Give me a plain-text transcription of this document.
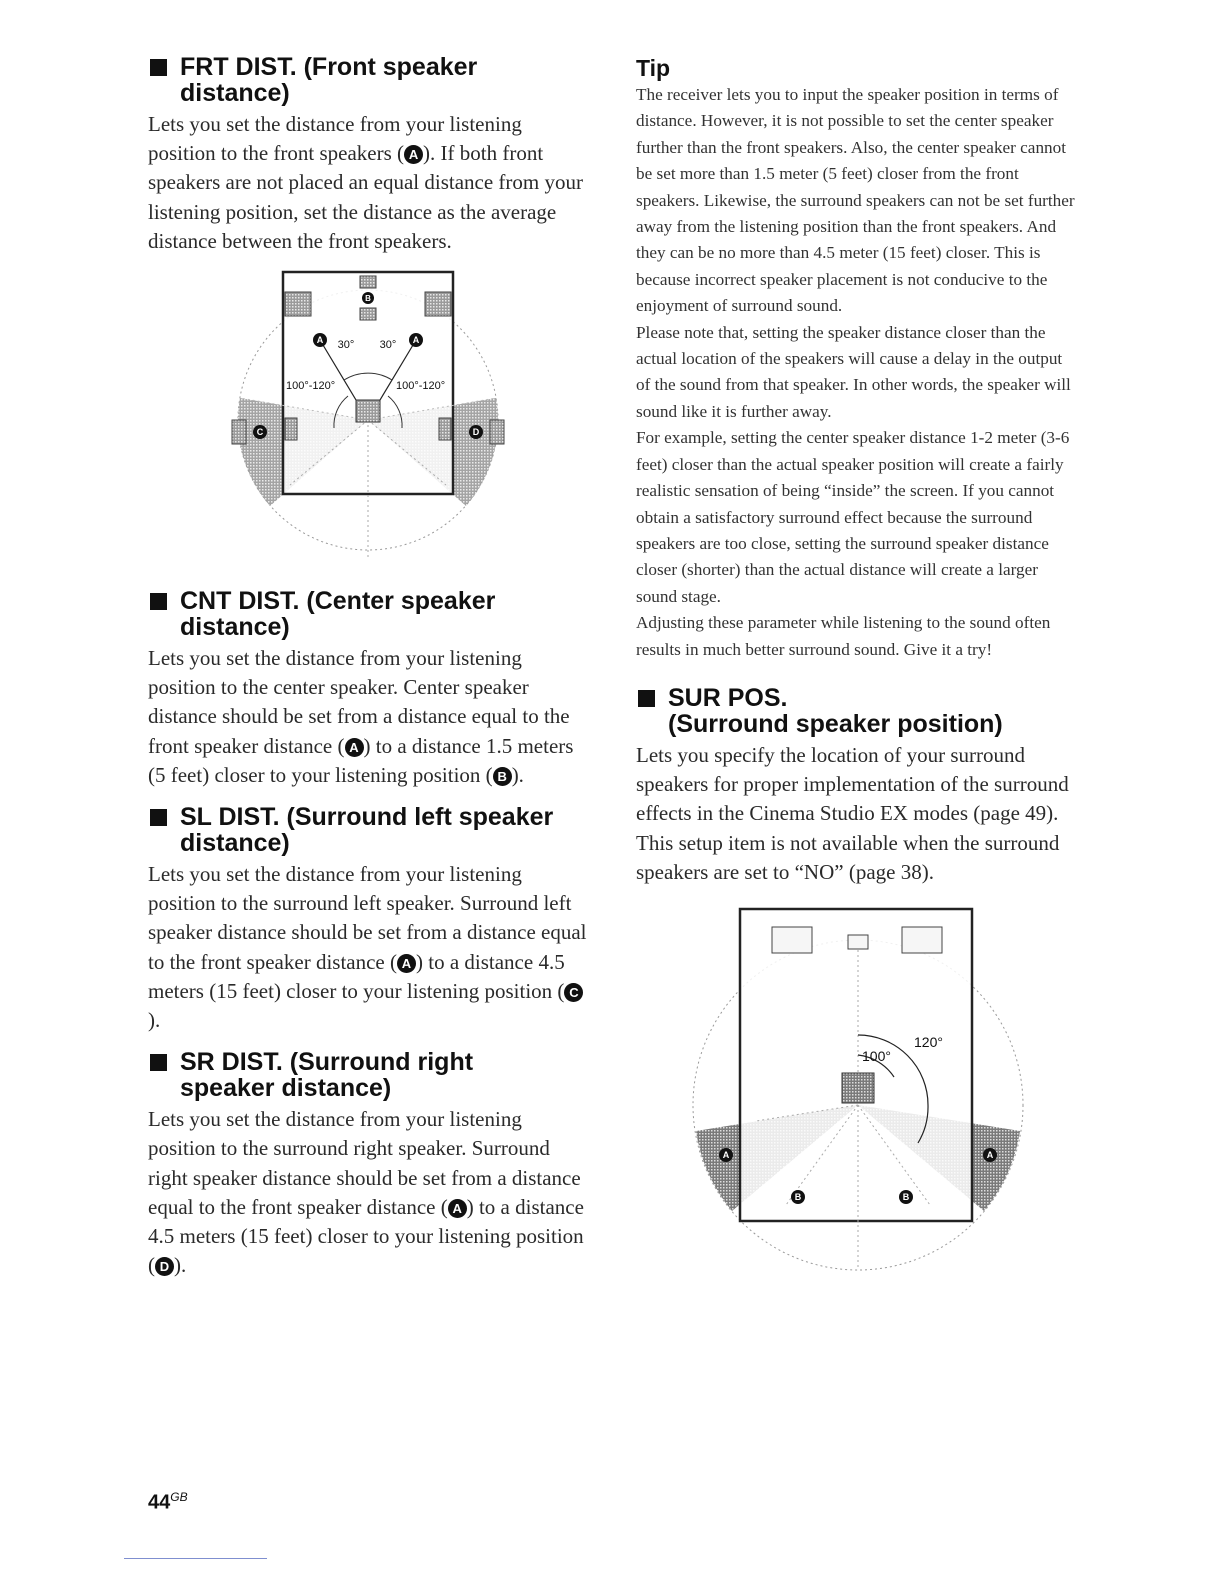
FRT DIST. (Front speaker
distance)

Lets you set the distance from your listening position to the front speakers ( A ). If both front speakers are not placed an equal distance from your listening position, set the distance as the average distance between the front speakers.

B
A	A
C	D
30° 30°
100°-120°	100°-120°
CNT DIST. (Center speaker
distance)

Lets you set the distance from your listening position to the center speaker. Center speaker distance should be set from a distance equal to the front speaker distance ( A ) to a distance 1.5 meters (5 feet) closer to your listening position ( B ).

SL DIST. (Surround left speaker
distance)

Lets you set the distance from your listening position to the surround left speaker. Surround left speaker distance should be set from a distance equal to the front speaker distance ( A ) to a distance 4.5 meters (15 feet) closer to your listening position ( C).

SR DIST. (Surround right
speaker distance)

Lets you set the distance from your listening position to the surround right speaker. Surround right speaker distance should be set from a distance equal to the front speaker distance ( A ) to a distance 4.5 meters (15 feet) closer to your listening position ( D ).

Tip

The receiver lets you to input the speaker position in terms of distance. However, it is not possible to set the center speaker further than the front speakers. Also, the center speaker cannot be set more than 1.5 meter (5 feet) closer from the front speakers. Likewise, the surround speakers can not be set further away from the listening position than the front speakers. And they can be no more than 4.5 meter (15 feet) closer. This is because incorrect speaker placement is not conducive to the enjoyment of surround sound.

Please note that, setting the speaker distance closer than the actual location of the speakers will cause a delay in the output of the sound from that speaker. In other words, the speaker will sound like it is further away.

For example, setting the center speaker distance 1-2 meter (3-6 feet) closer than the actual speaker position will create a fairly realistic sensation of being “inside” the screen. If you cannot obtain a satisfactory surround effect because the surround speakers are too close, setting the surround speaker distance closer (shorter) than the actual distance will create a larger sound stage.

Adjusting these parameter while listening to the sound often results in much better surround sound. Give it a try!

SUR POS.
(Surround speaker position)

Lets you specify the location of your surround speakers for proper implementation of the surround effects in the Cinema Studio EX modes (page 49). This setup item is not available when the surround speakers are set to “NO” (page 38).

A	A
B	B
100°
120°
$44^{GB}$
